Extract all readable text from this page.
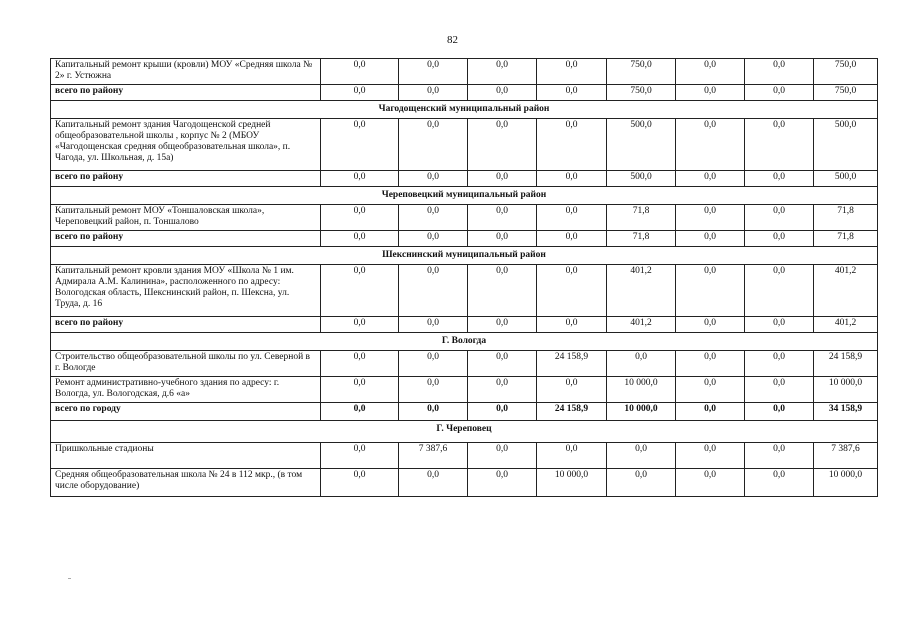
82
Капитальный ремонт крыши (кровли) МОУ «Средняя школа № 2» г. Устюжна	0,0	0,0	0,0	0,0	750,0	0,0	0,0	750,0
всего по району	0,0	0,0	0,0	0,0	750,0	0,0	0,0	750,0
Чагодощенский муниципальный район								
Капитальный ремонт здания Чагодощенской средней общеобразовательной школы , корпус № 2 (МБОУ «Чагодощенская средняя общеобразовательная школа», п. Чагода, ул. Школьная, д. 15а)	0,0	0,0	0,0	0,0	500,0	0,0	0,0	500,0
всего по району	0,0	0,0	0,0	0,0	500,0	0,0	0,0	500,0
Череповецкий муниципальный район								
Капитальный ремонт МОУ «Тоншаловская школа», Череповецкий район, п. Тоншалово	0,0	0,0	0,0	0,0	71,8	0,0	0,0	71,8
всего по району	0,0	0,0	0,0	0,0	71,8	0,0	0,0	71,8
Шекснинский муниципальный район								
Капитальный ремонт кровли здания МОУ «Школа № 1 им. Адмирала А.М. Калинина», расположенного по адресу: Вологодская область, Шекснинский район, п. Шексна, ул. Труда, д. 16	0,0	0,0	0,0	0,0	401,2	0,0	0,0	401,2
всего по району	0,0	0,0	0,0	0,0	401,2	0,0	0,0	401,2
Г. Вологда								
Строительство общеобразовательной школы по ул. Северной в г. Вологде	0,0	0,0	0,0	24 158,9	0,0	0,0	0,0	24 158,9
Ремонт административно-учебного здания по адресу: г. Вологда, ул. Вологодская, д.6 «а»	0,0	0,0	0,0	0,0	10 000,0	0,0	0,0	10 000,0
всего по городу	0,0	0,0	0,0	24 158,9	10 000,0	0,0	0,0	34 158,9
Г. Череповец								
Пришкольные стадионы	0,0	7 387,6	0,0	0,0	0,0	0,0	0,0	7 387,6
Средняя общеобразовательная школа № 24 в 112 мкр., (в том числе оборудование)	0,0	0,0	0,0	10 000,0	0,0	0,0	0,0	10 000,0
